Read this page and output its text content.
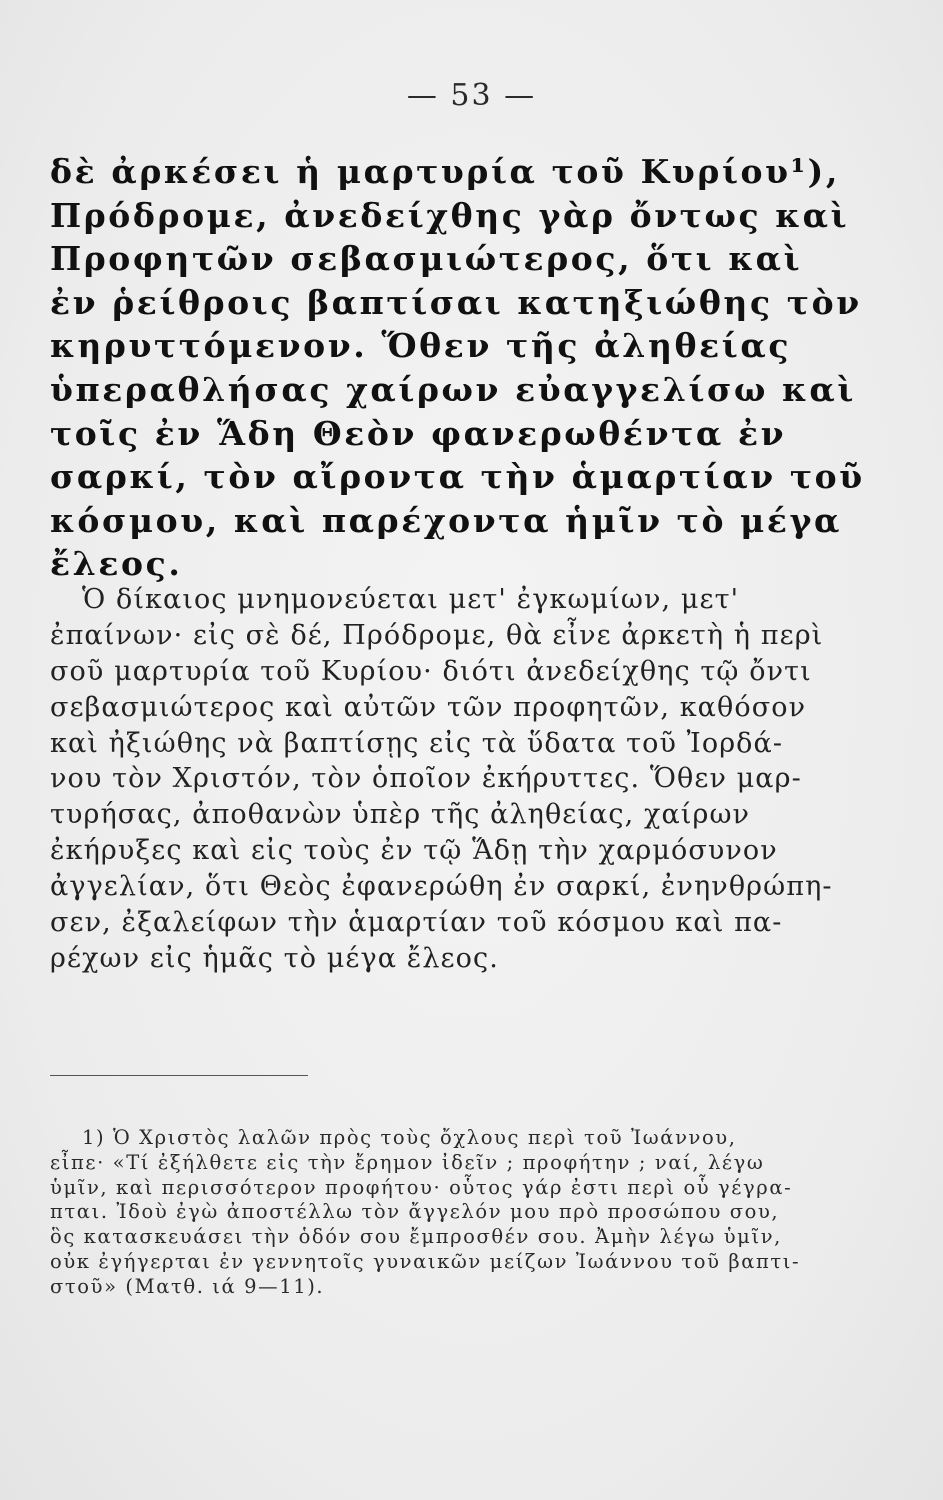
— 53 —
δὲ ἀρκέσει ἡ μαρτυρία τοῦ Κυρίου¹),
Πρόδρομε, ἀνεδείχθης γὰρ ὄντως καὶ
Προφητῶν σεβασμιώτερος, ὅτι καὶ
ἐν ῥείθροις βαπτίσαι κατηξιώθης τὸν
κηρυττόμενον. Ὅθεν τῆς ἀληθείας
ὑπεραθλήσας χαίρων εὐαγγελίσω καὶ
τοῖς ἐν Ἅδη Θεὸν φανερωθέντα ἐν
σαρκί, τὸν αἴροντα τὴν ἁμαρτίαν τοῦ
κόσμου, καὶ παρέχοντα ἡμῖν τὸ μέγα
ἔλεος.
Ὁ δίκαιος μνημονεύεται μετ' ἐγκωμίων, μετ'
ἐπαίνων· εἰς σὲ δέ, Πρόδρομε, θὰ εἶνε ἀρκετὴ ἡ περὶ
σοῦ μαρτυρία τοῦ Κυρίου· διότι ἀνεδείχθης τῷ ὄντι
σεβασμιώτερος καὶ αὐτῶν τῶν προφητῶν, καθόσον
καὶ ἠξιώθης νὰ βαπτίσῃς εἰς τὰ ὕδατα τοῦ Ἰορδά-
νου τὸν Χριστόν, τὸν ὁποῖον ἐκήρυττες. Ὅθεν μαρ-
τυρήσας, ἀποθανὼν ὑπὲρ τῆς ἀληθείας, χαίρων
ἐκήρυξες καὶ εἰς τοὺς ἐν τῷ Ἅδῃ τὴν χαρμόσυνον
ἀγγελίαν, ὅτι Θεὸς ἐφανερώθη ἐν σαρκί, ἐνηνθρώπη-
σεν, ἐξαλείφων τὴν ἁμαρτίαν τοῦ κόσμου καὶ πα-
ρέχων εἰς ἡμᾶς τὸ μέγα ἔλεος.
1) Ὁ Χριστὸς λαλῶν πρὸς τοὺς ὄχλους περὶ τοῦ Ἰωάννου,
εἶπε· «Τί ἐξήλθετε εἰς τὴν ἔρημον ἰδεῖν ; προφήτην ; ναί, λέγω
ὑμῖν, καὶ περισσότερον προφήτου· οὗτος γάρ ἐστι περὶ οὗ γέγρα-
πται. Ἰδοὺ ἐγὼ ἀποστέλλω τὸν ἄγγελόν μου πρὸ προσώπου σου,
ὃς κατασκευάσει τὴν ὁδόν σου ἔμπροσθέν σου. Ἀμὴν λέγω ὑμῖν,
οὐκ ἐγήγερται ἐν γεννητοῖς γυναικῶν μείζων Ἰωάννου τοῦ βαπτι-
στοῦ» (Ματθ. ιά 9—11).
